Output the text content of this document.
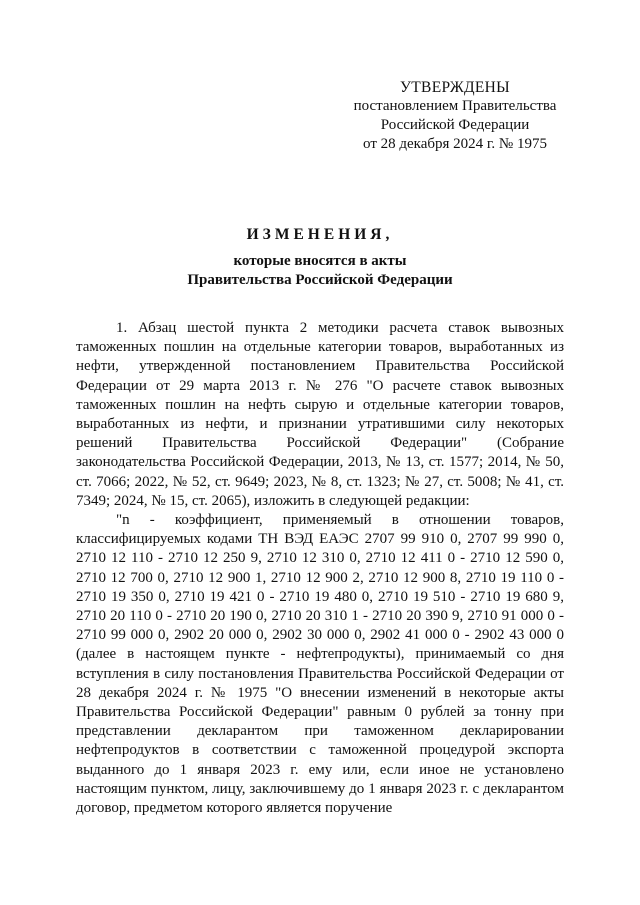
УТВЕРЖДЕНЫ
постановлением Правительства
Российской Федерации
от 28 декабря 2024 г. № 1975
ИЗМЕНЕНИЯ,
которые вносятся в акты
Правительства Российской Федерации

1. Абзац шестой пункта 2 методики расчета ставок вывозных таможенных пошлин на отдельные категории товаров, выработанных из нефти, утвержденной постановлением Правительства Российской Федерации от 29 марта 2013 г. № 276 "О расчете ставок вывозных таможенных пошлин на нефть сырую и отдельные категории товаров, выработанных из нефти, и признании утратившими силу некоторых решений Правительства Российской Федерации" (Собрание законодательства Российской Федерации, 2013, № 13, ст. 1577; 2014, № 50, ст. 7066; 2022, № 52, ст. 9649; 2023, № 8, ст. 1323; № 27, ст. 5008; № 41, ст. 7349; 2024, № 15, ст. 2065), изложить в следующей редакции:

"n - коэффициент, применяемый в отношении товаров, классифицируемых кодами ТН ВЭД ЕАЭС 2707 99 910 0, 2707 99 990 0, 2710 12 110 - 2710 12 250 9, 2710 12 310 0, 2710 12 411 0 - 2710 12 590 0, 2710 12 700 0, 2710 12 900 1, 2710 12 900 2, 2710 12 900 8, 2710 19 110 0 - 2710 19 350 0, 2710 19 421 0 - 2710 19 480 0, 2710 19 510 - 2710 19 680 9, 2710 20 110 0 - 2710 20 190 0, 2710 20 310 1 - 2710 20 390 9, 2710 91 000 0 - 2710 99 000 0, 2902 20 000 0, 2902 30 000 0, 2902 41 000 0 - 2902 43 000 0 (далее в настоящем пункте - нефтепродукты), принимаемый со дня вступления в силу постановления Правительства Российской Федерации от 28 декабря 2024 г. № 1975 "О внесении изменений в некоторые акты Правительства Российской Федерации" равным 0 рублей за тонну при представлении декларантом при таможенном декларировании нефтепродуктов в соответствии с таможенной процедурой экспорта выданного до 1 января 2023 г. ему или, если иное не установлено настоящим пунктом, лицу, заключившему до 1 января 2023 г. с декларантом договор, предметом которого является поручение
